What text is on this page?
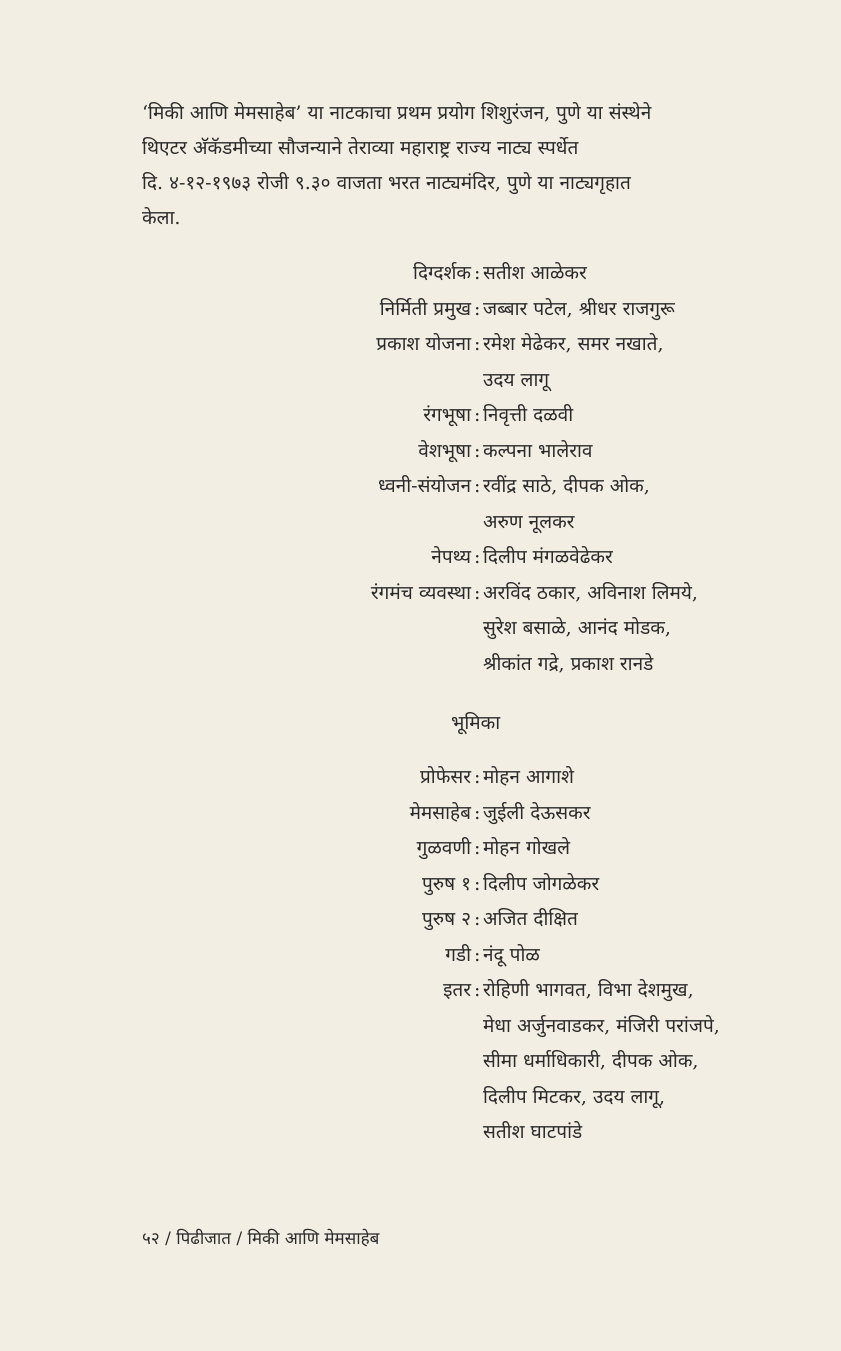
‘मिकी आणि मेमसाहेब’ या नाटकाचा प्रथम प्रयोग शिशुरंजन, पुणे या संस्थेने
थिएटर अ‍ॅकॅडमीच्या सौजन्याने तेराव्या महाराष्ट्र राज्य नाट्य स्पर्धेत
दि. ४-१२-१९७३ रोजी ९.३० वाजता भरत नाट्यमंदिर, पुणे या नाट्यगृहात
केला.

दिग्दर्शक : सतीश आळेकर
निर्मिती प्रमुख : जब्बार पटेल, श्रीधर राजगुरू
प्रकाश योजना : रमेश मेढेकर, समर नखाते,
उदय लागू
रंगभूषा : निवृत्ती दळवी
वेशभूषा : कल्पना भालेराव
ध्वनी-संयोजन : रवींद्र साठे, दीपक ओक,
अरुण नूलकर
नेपथ्य : दिलीप मंगळवेढेकर
रंगमंच व्यवस्था : अरविंद ठकार, अविनाश लिमये,
सुरेश बसाळे, आनंद मोडक,
श्रीकांत गद्रे, प्रकाश रानडे
भूमिका
प्रोफेसर : मोहन आगाशे
मेमसाहेब : जुईली देऊसकर
गुळवणी : मोहन गोखले
पुरुष १ : दिलीप जोगळेकर
पुरुष २ : अजित दीक्षित
गडी : नंदू पोळ
इतर : रोहिणी भागवत, विभा देशमुख,
मेधा अर्जुनवाडकर, मंजिरी परांजपे,
सीमा धर्माधिकारी, दीपक ओक,
दिलीप मिटकर, उदय लागू,
सतीश घाटपांडे
५२ / पिढीजात / मिकी आणि मेमसाहेब
